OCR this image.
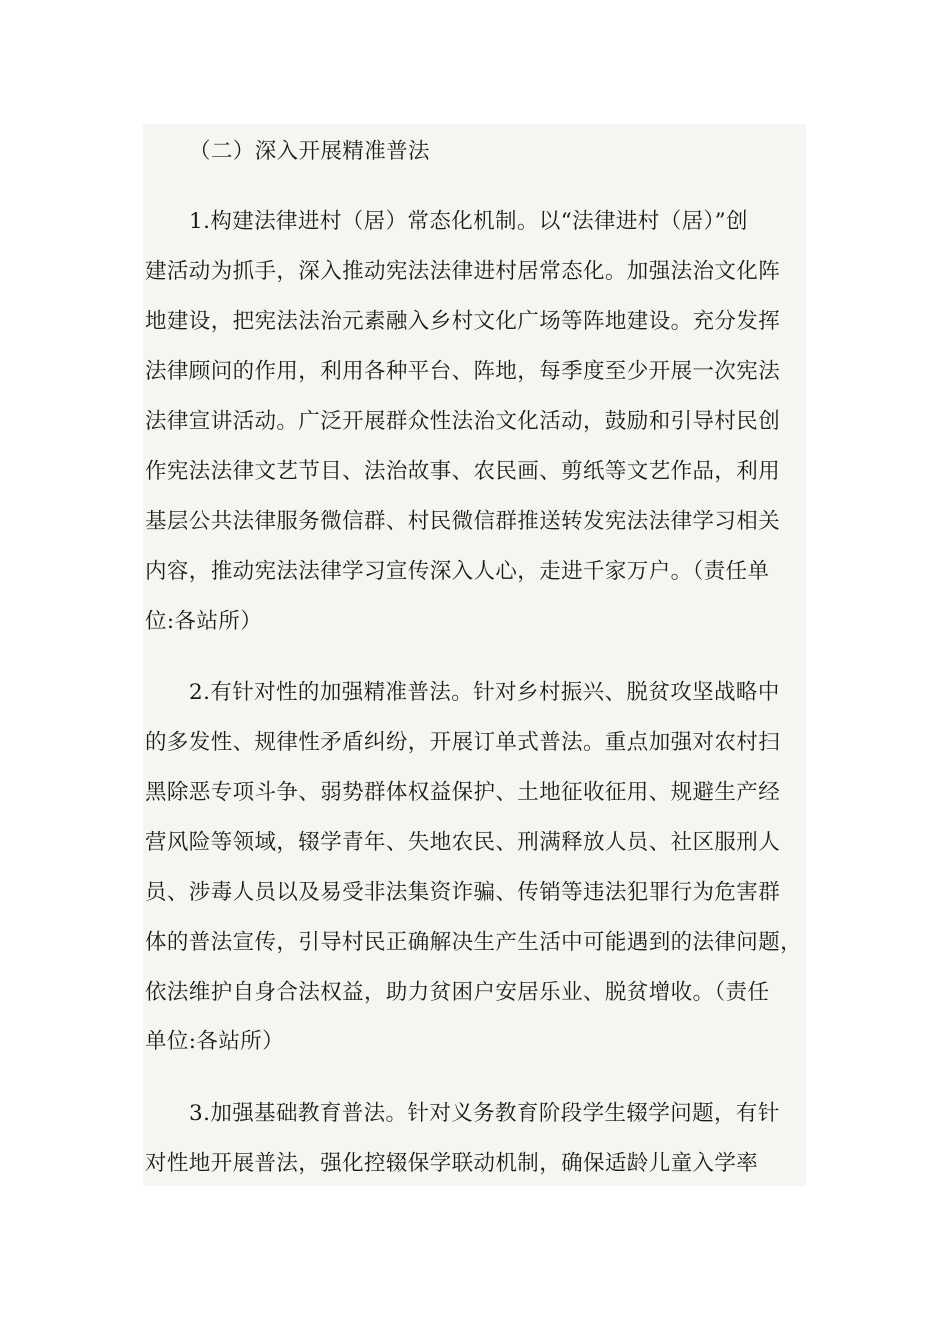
（二）深入开展精准普法
1.构建法律进村（居）常态化机制。以“法律进村（居）”创
建活动为抓手，深入推动宪法法律进村居常态化。加强法治文化阵
地建设，把宪法法治元素融入乡村文化广场等阵地建设。充分发挥
法律顾问的作用，利用各种平台、阵地，每季度至少开展一次宪法
法律宣讲活动。广泛开展群众性法治文化活动，鼓励和引导村民创
作宪法法律文艺节目、法治故事、农民画、剪纸等文艺作品，利用
基层公共法律服务微信群、村民微信群推送转发宪法法律学习相关
内容，推动宪法法律学习宣传深入人心，走进千家万户。（责任单
位:各站所）
2.有针对性的加强精准普法。针对乡村振兴、脱贫攻坚战略中
的多发性、规律性矛盾纠纷，开展订单式普法。重点加强对农村扫
黑除恶专项斗争、弱势群体权益保护、土地征收征用、规避生产经
营风险等领域，辍学青年、失地农民、刑满释放人员、社区服刑人
员、涉毒人员以及易受非法集资诈骗、传销等违法犯罪行为危害群
体的普法宣传，引导村民正确解决生产生活中可能遇到的法律问题，
依法维护自身合法权益，助力贫困户安居乐业、脱贫增收。（责任
单位:各站所）
3.加强基础教育普法。针对义务教育阶段学生辍学问题，有针
对性地开展普法，强化控辍保学联动机制，确保适龄儿童入学率
